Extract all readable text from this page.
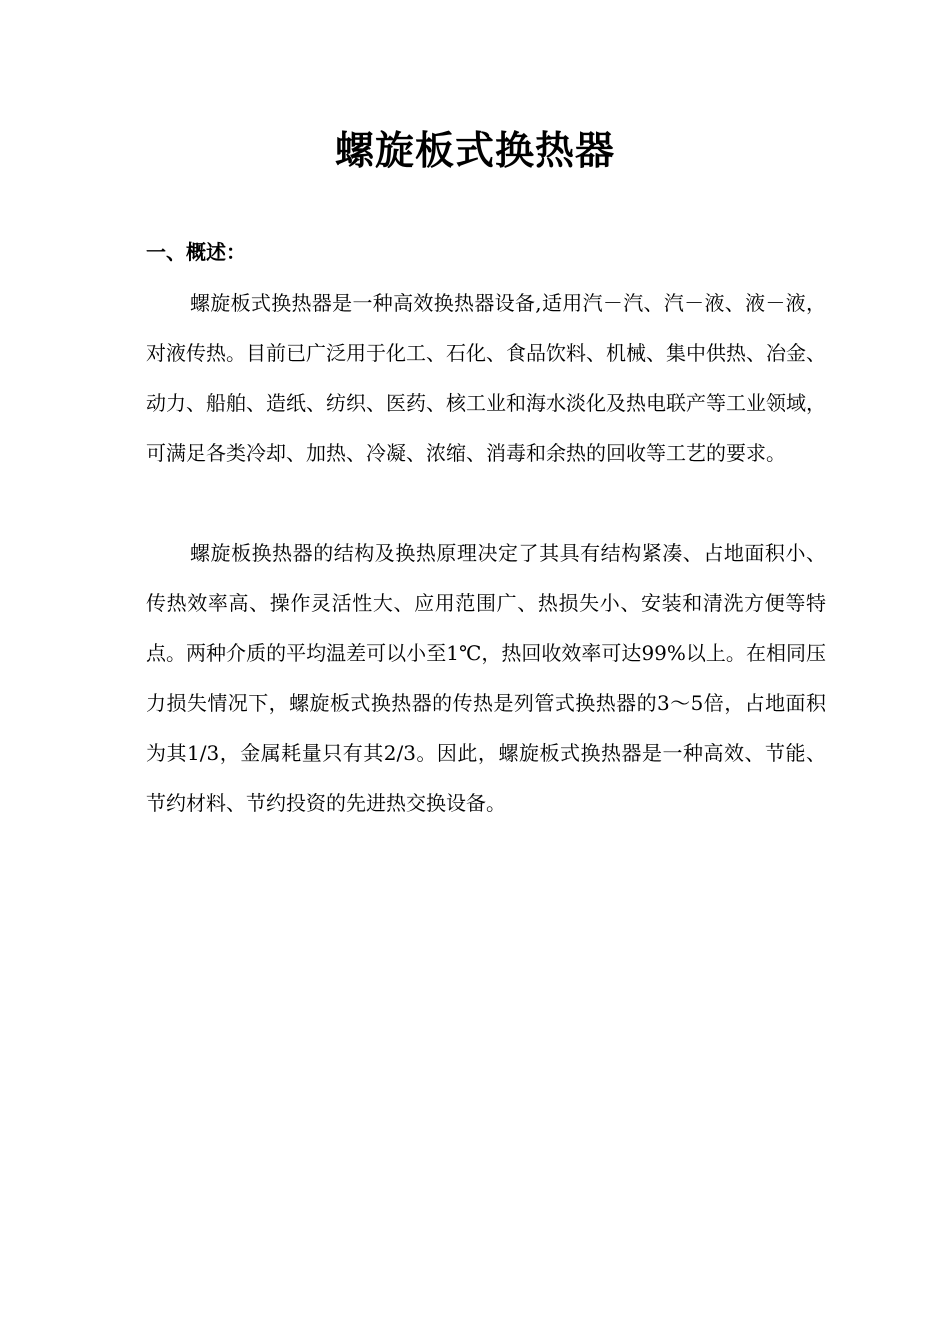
螺旋板式换热器
一、概述：

螺旋板式换热器是一种高效换热器设备,适用汽－汽、汽－液、液－液，对液传热。目前已广泛用于化工、石化、食品饮料、机械、集中供热、冶金、动力、船舶、造纸、纺织、医药、核工业和海水淡化及热电联产等工业领域，可满足各类冷却、加热、冷凝、浓缩、消毒和余热的回收等工艺的要求。

螺旋板换热器的结构及换热原理决定了其具有结构紧凑、占地面积小、传热效率高、操作灵活性大、应用范围广、热损失小、安装和清洗方便等特点。两种介质的平均温差可以小至1℃，热回收效率可达99%以上。在相同压力损失情况下，螺旋板式换热器的传热是列管式换热器的3～5倍，占地面积为其1/3，金属耗量只有其2/3。因此，螺旋板式换热器是一种高效、节能、节约材料、节约投资的先进热交换设备。
